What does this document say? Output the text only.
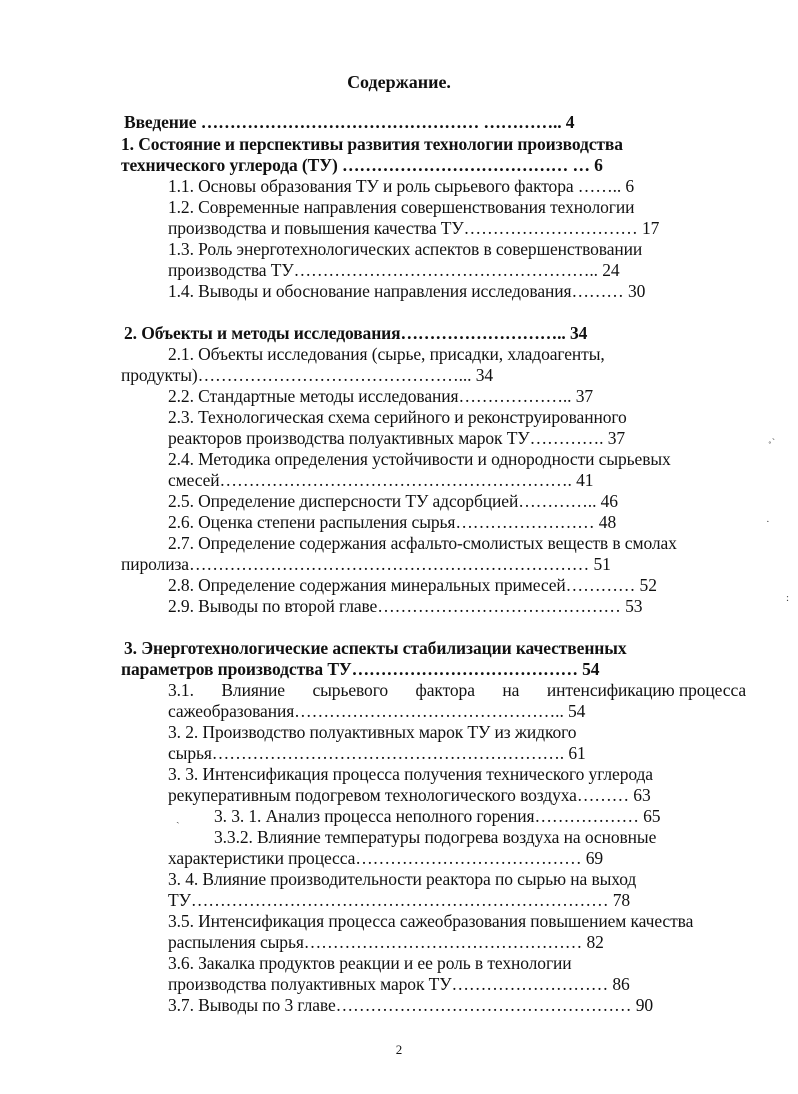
Содержание.
Введение ………………………………………… ………….. 4
1. Состояние и перспективы развития технологии производства
технического углерода (ТУ) ………………………………… … 6
1.1. Основы образования ТУ и роль сырьевого фактора …….. 6
1.2. Современные направления совершенствования технологии
производства и повышения качества ТУ………………………… 17
1.3. Роль энерготехнологических аспектов в совершенствовании
производства ТУ…………………………………………….. 24
1.4. Выводы и обоснование направления исследования……… 30
2. Объекты и методы исследования……………………….. 34
2.1. Объекты исследования (сырье, присадки, хладоагенты,
продукты)………………………………………... 34
2.2. Стандартные методы исследования……………….. 37
2.3. Технологическая схема серийного и реконструированного
реакторов производства полуактивных марок ТУ…………. 37
2.4. Методика определения устойчивости и однородности сырьевых
смесей……………………………………………………. 41
2.5. Определение дисперсности ТУ адсорбцией………….. 46
2.6. Оценка степени распыления сырья…………………… 48
2.7. Определение содержания асфальто-смолистых веществ в смолах
пиролиза…………………………………………………………… 51
2.8. Определение содержания минеральных примесей………… 52
2.9. Выводы по второй главе…………………………………… 53
3. Энерготехнологические аспекты стабилизации качественных
параметров производства ТУ………………………………… 54
3.1. Влияние сырьевого фактора на интенсификацию процесса
сажеобразования……………………………………….. 54
3. 2. Производство полуактивных марок ТУ из жидкого
сырья……………………………………………………. 61
3. 3. Интенсификация процесса получения технического углерода
рекуперативным подогревом технологического воздуха……… 63
3. 3. 1. Анализ процесса неполного горения……………… 65
3.3.2. Влияние температуры подогрева воздуха на основные
характеристики процесса………………………………… 69
3. 4. Влияние производительности реактора по сырью на выход
ТУ……………………………………………………………… 78
3.5. Интенсификация процесса сажеобразования повышением качества
распыления сырья………………………………………… 82
3.6. Закалка продуктов реакции и ее роль в технологии
производства полуактивных марок ТУ……………………… 86
3.7. Выводы по 3 главе…………………………………………… 90
2
˳˴
·
:
ˏ
